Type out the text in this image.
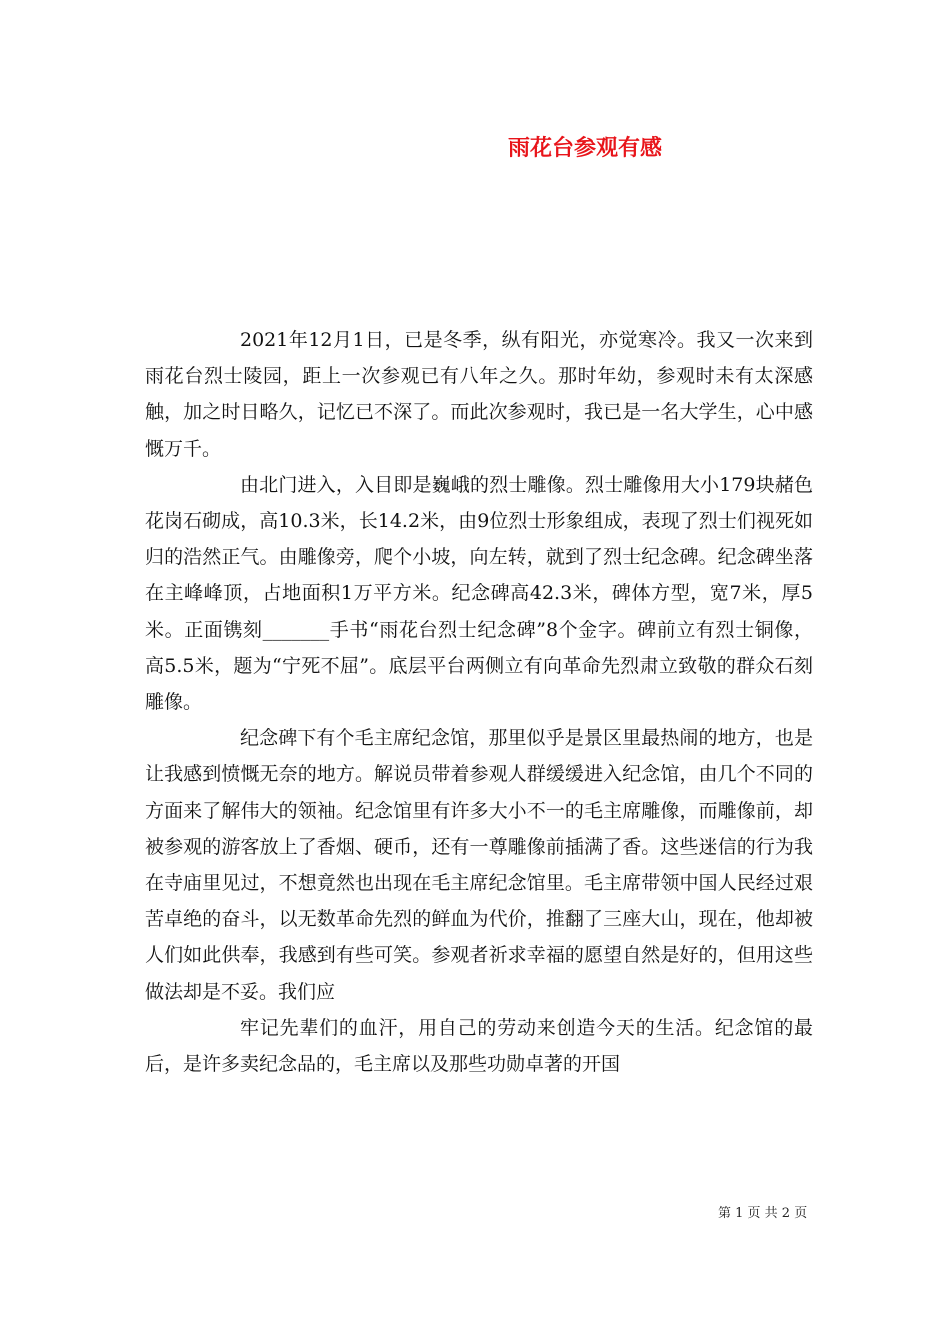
雨花台参观有感

2021年12月1日，已是冬季，纵有阳光，亦觉寒冷。我又一次来到雨花台烈士陵园，距上一次参观已有八年之久。那时年幼，参观时未有太深感触，加之时日略久，记忆已不深了。而此次参观时，我已是一名大学生，心中感慨万千。

由北门进入，入目即是巍峨的烈士雕像。烈士雕像用大小179块赭色花岗石砌成，高10.3米，长14.2米，由9位烈士形象组成，表现了烈士们视死如归的浩然正气。由雕像旁，爬个小坡，向左转，就到了烈士纪念碑。纪念碑坐落在主峰峰顶，占地面积1万平方米。纪念碑高42.3米，碑体方型，宽7米，厚5米。正面镌刻_______手书“雨花台烈士纪念碑”8个金字。碑前立有烈士铜像，高5.5米，题为“宁死不屈”。底层平台两侧立有向革命先烈肃立致敬的群众石刻雕像。

纪念碑下有个毛主席纪念馆，那里似乎是景区里最热闹的地方，也是让我感到愤慨无奈的地方。解说员带着参观人群缓缓进入纪念馆，由几个不同的方面来了解伟大的领袖。纪念馆里有许多大小不一的毛主席雕像，而雕像前，却被参观的游客放上了香烟、硬币，还有一尊雕像前插满了香。这些迷信的行为我在寺庙里见过，不想竟然也出现在毛主席纪念馆里。毛主席带领中国人民经过艰苦卓绝的奋斗，以无数革命先烈的鲜血为代价，推翻了三座大山，现在，他却被人们如此供奉，我感到有些可笑。参观者祈求幸福的愿望自然是好的，但用这些做法却是不妥。我们应

牢记先辈们的血汗，用自己的劳动来创造今天的生活。纪念馆的最后，是许多卖纪念品的，毛主席以及那些功勋卓著的开国

第 1 页 共 2 页
